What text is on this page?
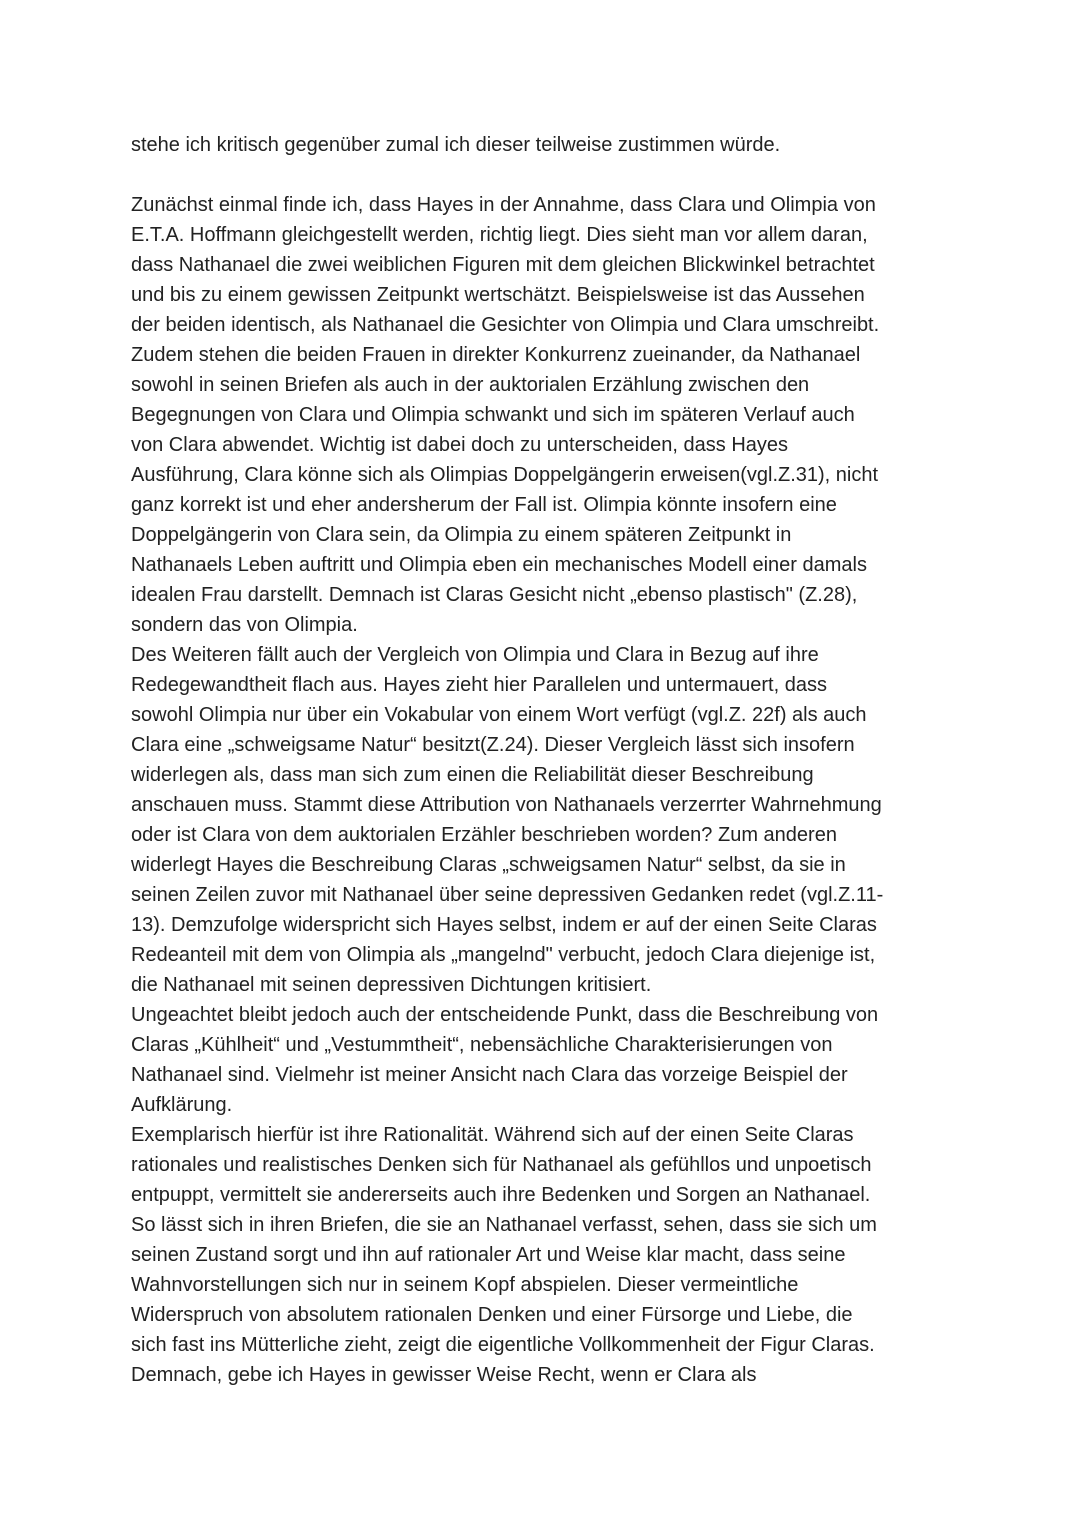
stehe ich kritisch gegenüber zumal ich dieser teilweise zustimmen würde.
Zunächst einmal finde ich, dass Hayes in der Annahme, dass Clara und Olimpia von
E.T.A. Hoffmann gleichgestellt werden, richtig liegt. Dies sieht man vor allem daran,
dass Nathanael die zwei weiblichen Figuren mit dem gleichen Blickwinkel betrachtet
und bis zu einem gewissen Zeitpunkt wertschätzt. Beispielsweise ist das Aussehen
der beiden identisch, als Nathanael die Gesichter von Olimpia und Clara umschreibt.
Zudem stehen die beiden Frauen in direkter Konkurrenz zueinander, da Nathanael
sowohl in seinen Briefen als auch in der auktorialen Erzählung zwischen den
Begegnungen von Clara und Olimpia schwankt und sich im späteren Verlauf auch
von Clara abwendet. Wichtig ist dabei doch zu unterscheiden, dass Hayes
Ausführung, Clara könne sich als Olimpias Doppelgängerin erweisen(vgl.Z.31), nicht
ganz korrekt ist und eher andersherum der Fall ist. Olimpia könnte insofern eine
Doppelgängerin von Clara sein, da Olimpia zu einem späteren Zeitpunkt in
Nathanaels Leben auftritt und Olimpia eben ein mechanisches Modell einer damals
idealen Frau darstellt. Demnach ist Claras Gesicht nicht „ebenso plastisch" (Z.28),
sondern das von Olimpia.
Des Weiteren fällt auch der Vergleich von Olimpia und Clara in Bezug auf ihre
Redegewandtheit flach aus. Hayes zieht hier Parallelen und untermauert, dass
sowohl Olimpia nur über ein Vokabular von einem Wort verfügt (vgl.Z. 22f) als auch
Clara eine „schweigsame Natur“ besitzt(Z.24). Dieser Vergleich lässt sich insofern
widerlegen als, dass man sich zum einen die Reliabilität dieser Beschreibung
anschauen muss. Stammt diese Attribution von Nathanaels verzerrter Wahrnehmung
oder ist Clara von dem auktorialen Erzähler beschrieben worden? Zum anderen
widerlegt Hayes die Beschreibung Claras „schweigsamen Natur“ selbst, da sie in
seinen Zeilen zuvor mit Nathanael über seine depressiven Gedanken redet (vgl.Z.11-
13). Demzufolge widerspricht sich Hayes selbst, indem er auf der einen Seite Claras
Redeanteil mit dem von Olimpia als „mangelnd" verbucht, jedoch Clara diejenige ist,
die Nathanael mit seinen depressiven Dichtungen kritisiert.
Ungeachtet bleibt jedoch auch der entscheidende Punkt, dass die Beschreibung von
Claras „Kühlheit“ und „Vestummtheit“, nebensächliche Charakterisierungen von
Nathanael sind. Vielmehr ist meiner Ansicht nach Clara das vorzeige Beispiel der
Aufklärung.
Exemplarisch hierfür ist ihre Rationalität. Während sich auf der einen Seite Claras
rationales und realistisches Denken sich für Nathanael als gefühllos und unpoetisch
entpuppt, vermittelt sie andererseits auch ihre Bedenken und Sorgen an Nathanael.
So lässt sich in ihren Briefen, die sie an Nathanael verfasst, sehen, dass sie sich um
seinen Zustand sorgt und ihn auf rationaler Art und Weise klar macht, dass seine
Wahnvorstellungen sich nur in seinem Kopf abspielen. Dieser vermeintliche
Widerspruch von absolutem rationalen Denken und einer Fürsorge und Liebe, die
sich fast ins Mütterliche zieht, zeigt die eigentliche Vollkommenheit der Figur Claras.
Demnach, gebe ich Hayes in gewisser Weise Recht, wenn er Clara als
